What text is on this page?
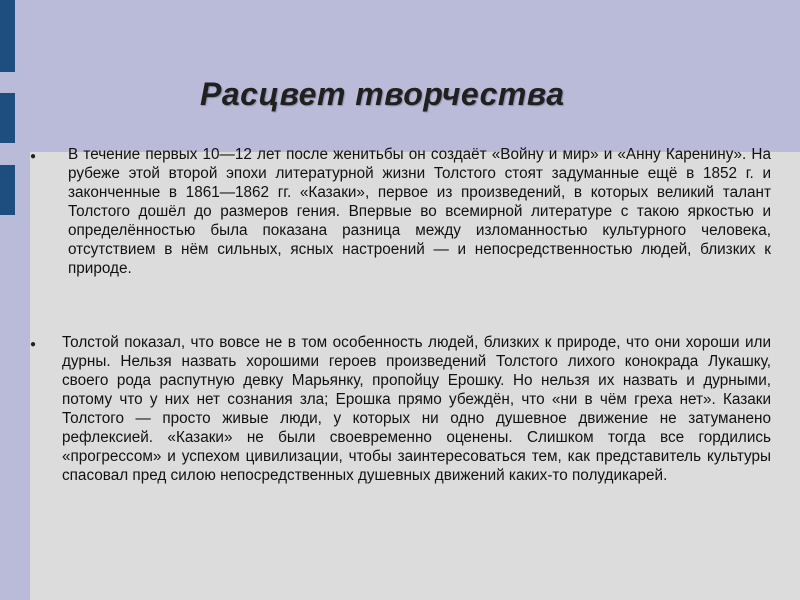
Расцвет творчества
● В течение первых 10—12 лет после женитьбы он создаёт «Войну и мир» и «Анну Каренину». На рубеже этой второй эпохи литературной жизни Толстого стоят задуманные ещё в 1852 г. и законченные в 1861—1862 гг. «Казаки», первое из произведений, в которых великий талант Толстого дошёл до размеров гения. Впервые во всемирной литературе с такою яркостью и определённостью была показана разница между изломанностью культурного человека, отсутствием в нём сильных, ясных настроений — и непосредственностью людей, близких к природе.

● Толстой показал, что вовсе не в том особенность людей, близких к природе, что они хороши или дурны. Нельзя назвать хорошими героев произведений Толстого лихого конокрада Лукашку, своего рода распутную девку Марьянку, пропойцу Ерошку. Но нельзя их назвать и дурными, потому что у них нет сознания зла; Ерошка прямо убеждён, что «ни в чём греха нет». Казаки Толстого — просто живые люди, у которых ни одно душевное движение не затуманено рефлексией. «Казаки» не были своевременно оценены. Слишком тогда все гордились «прогрессом» и успехом цивилизации, чтобы заинтересоваться тем, как представитель культуры спасовал пред силою непосредственных душевных движений каких-то полудикарей.
